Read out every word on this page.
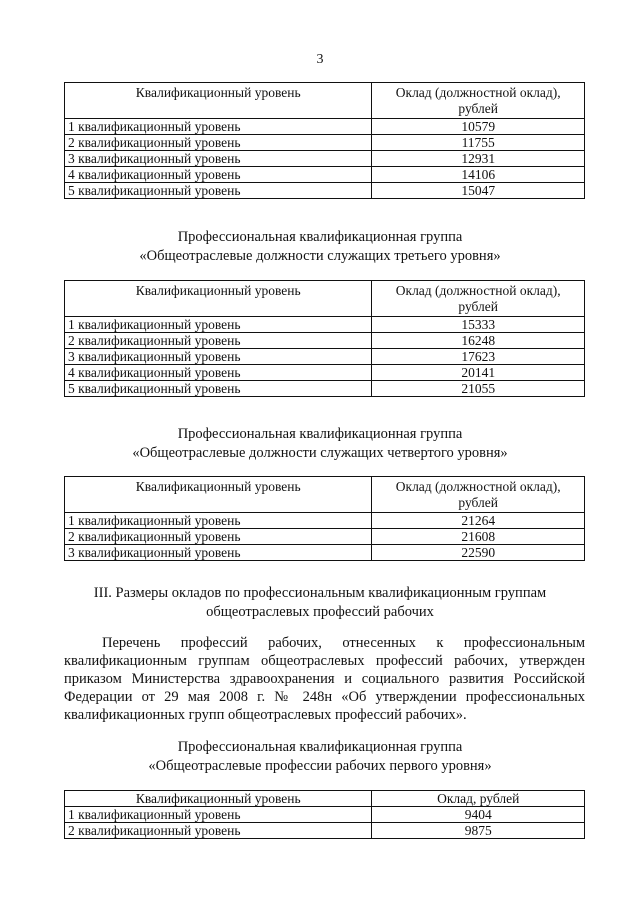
3
Квалификационный уровень	Оклад (должностной оклад), рублей
1 квалификационный уровень	10579
2 квалификационный уровень	11755
3 квалификационный уровень	12931
4 квалификационный уровень	14106
5 квалификационный уровень	15047
Профессиональная квалификационная группа
«Общеотраслевые должности служащих третьего уровня»
Квалификационный уровень	Оклад (должностной оклад), рублей
1 квалификационный уровень	15333
2 квалификационный уровень	16248
3 квалификационный уровень	17623
4 квалификационный уровень	20141
5 квалификационный уровень	21055
Профессиональная квалификационная группа
«Общеотраслевые должности служащих четвертого уровня»
Квалификационный уровень	Оклад (должностной оклад), рублей
1 квалификационный уровень	21264
2 квалификационный уровень	21608
3 квалификационный уровень	22590
III. Размеры окладов по профессиональным квалификационным группам
общеотраслевых профессий рабочих
Перечень профессий рабочих, отнесенных к профессиональным квалификационным группам общеотраслевых профессий рабочих, утвержден приказом Министерства здравоохранения и социального развития Российской Федерации от 29 мая 2008 г. № 248н «Об утверждении профессиональных квалификационных групп общеотраслевых профессий рабочих».
Профессиональная квалификационная группа
«Общеотраслевые профессии рабочих первого уровня»
Квалификационный уровень	Оклад, рублей
1 квалификационный уровень	9404
2 квалификационный уровень	9875
